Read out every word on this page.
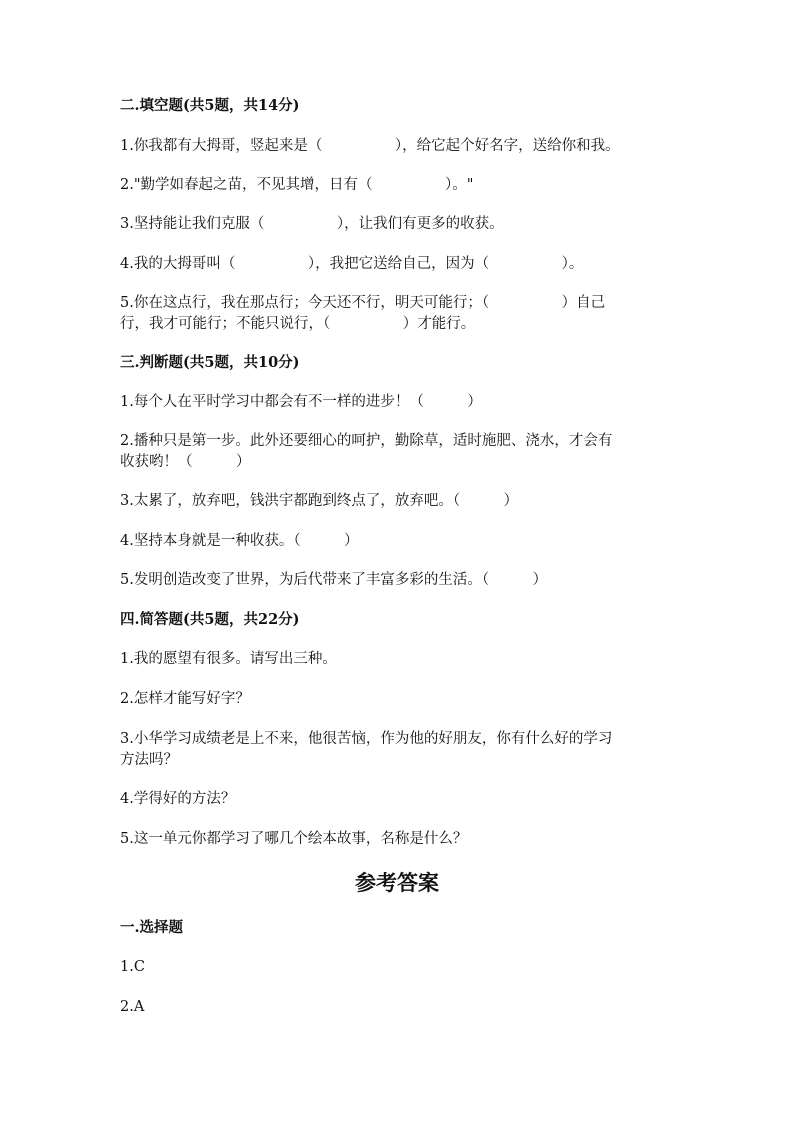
二.填空题(共5题，共14分)
1.你我都有大拇哥，竖起来是（　　　　　），给它起个好名字，送给你和我。
2."勤学如春起之苗，不见其增，日有（　　　　　）。"
3.坚持能让我们克服（　　　　　），让我们有更多的收获。
4.我的大拇哥叫（　　　　　），我把它送给自己，因为（　　　　　）。
5.你在这点行，我在那点行；今天还不行，明天可能行；（　　　　　）自己
行，我才可能行；不能只说行，（　　　　　）才能行。
三.判断题(共5题，共10分)
1.每个人在平时学习中都会有不一样的进步！（　　　）
2.播种只是第一步。此外还要细心的呵护，勤除草，适时施肥、浇水，才会有
收获哟！（　　　）
3.太累了，放弃吧，钱洪宇都跑到终点了，放弃吧。（　　　）
4.坚持本身就是一种收获。（　　　）
5.发明创造改变了世界，为后代带来了丰富多彩的生活。（　　　）
四.简答题(共5题，共22分)
1.我的愿望有很多。请写出三种。
2.怎样才能写好字？
3.小华学习成绩老是上不来，他很苦恼，作为他的好朋友，你有什么好的学习
方法吗？
4.学得好的方法？
5.这一单元你都学习了哪几个绘本故事，名称是什么？
参考答案
一.选择题
1.C
2.A
